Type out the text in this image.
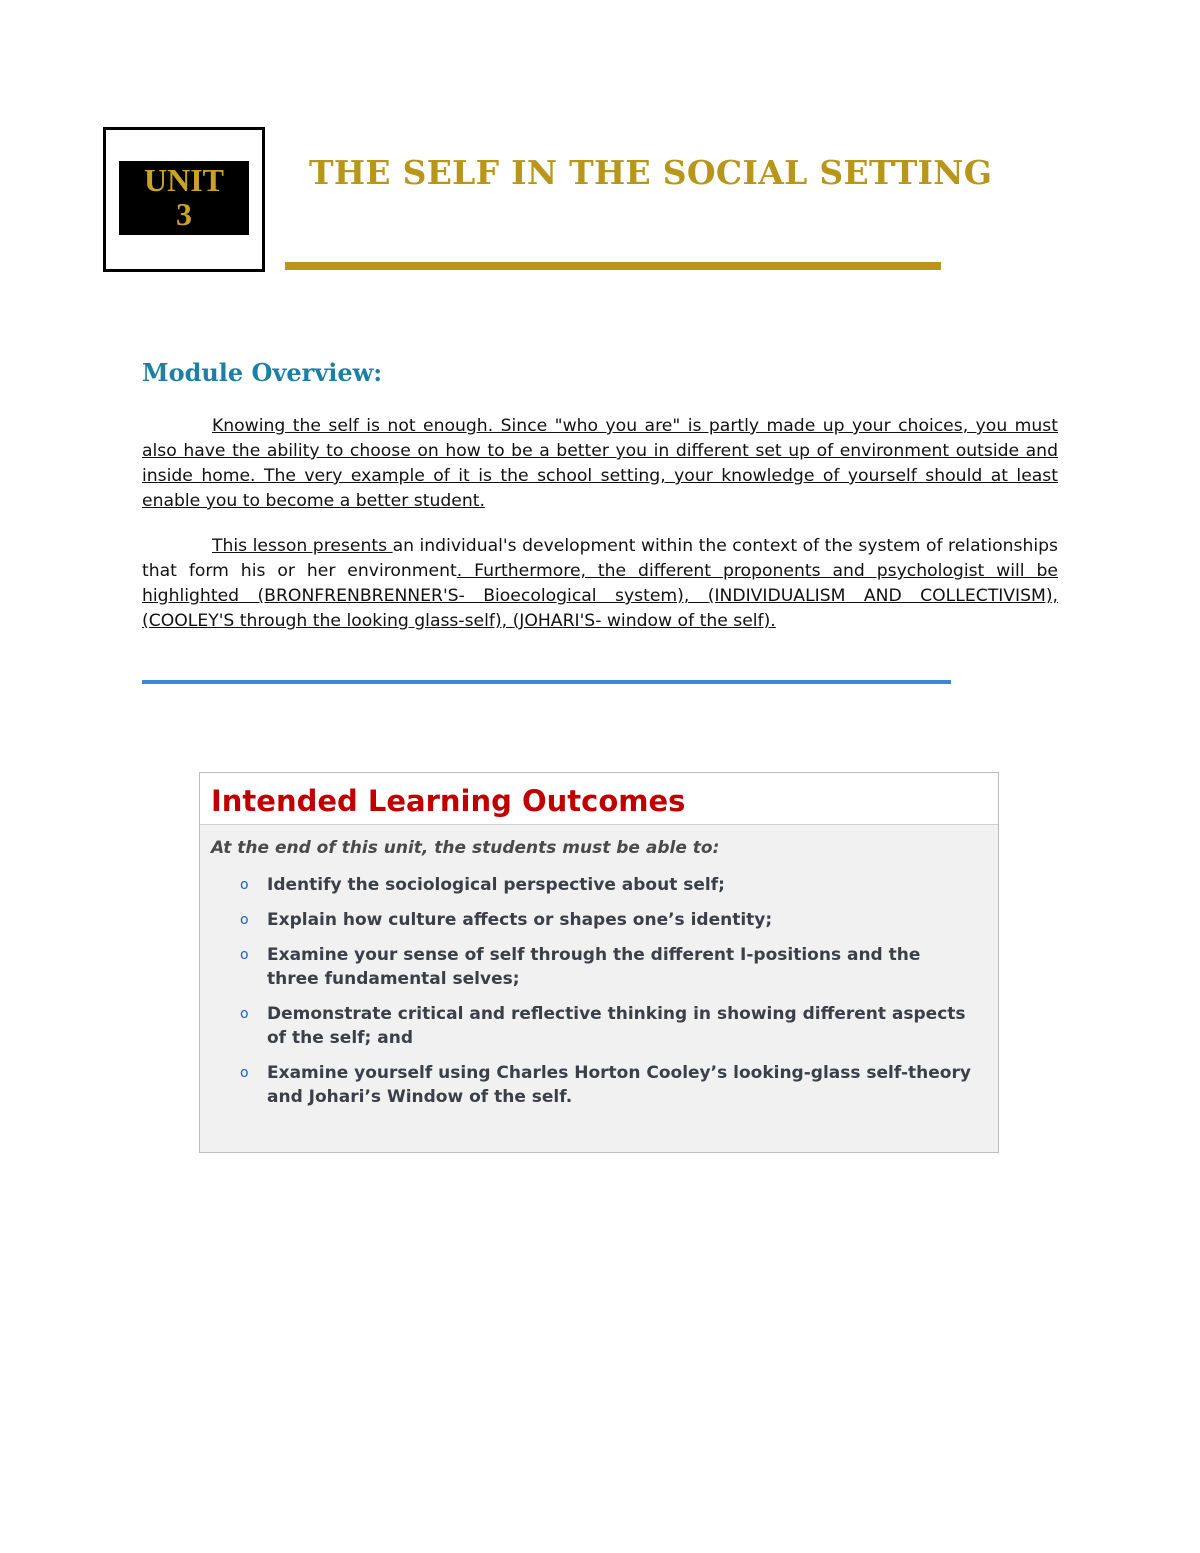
UNIT
3
THE SELF IN THE SOCIAL SETTING
Module Overview:

Knowing the self is not enough. Since "who you are" is partly made up your choices, you must also have the ability to choose on how to be a better you in different set up of environment outside and inside home. The very example of it is the school setting, your knowledge of yourself should at least enable you to become a better student.

This lesson presents an individual's development within the context of the system of relationships that form his or her environment. Furthermore, the different proponents and psychologist will be highlighted (BRONFRENBRENNER'S- Bioecological system), (INDIVIDUALISM AND COLLECTIVISM), (COOLEY'S through the looking glass-self), (JOHARI'S- window of the self).

Intended Learning Outcomes

At the end of this unit, the students must be able to:

o Identify the sociological perspective about self;
o Explain how culture affects or shapes one’s identity;
o Examine your sense of self through the different I-positions and the three fundamental selves;
o Demonstrate critical and reflective thinking in showing different aspects of the self; and
o Examine yourself using Charles Horton Cooley’s looking-glass self-theory and Johari’s Window of the self.
